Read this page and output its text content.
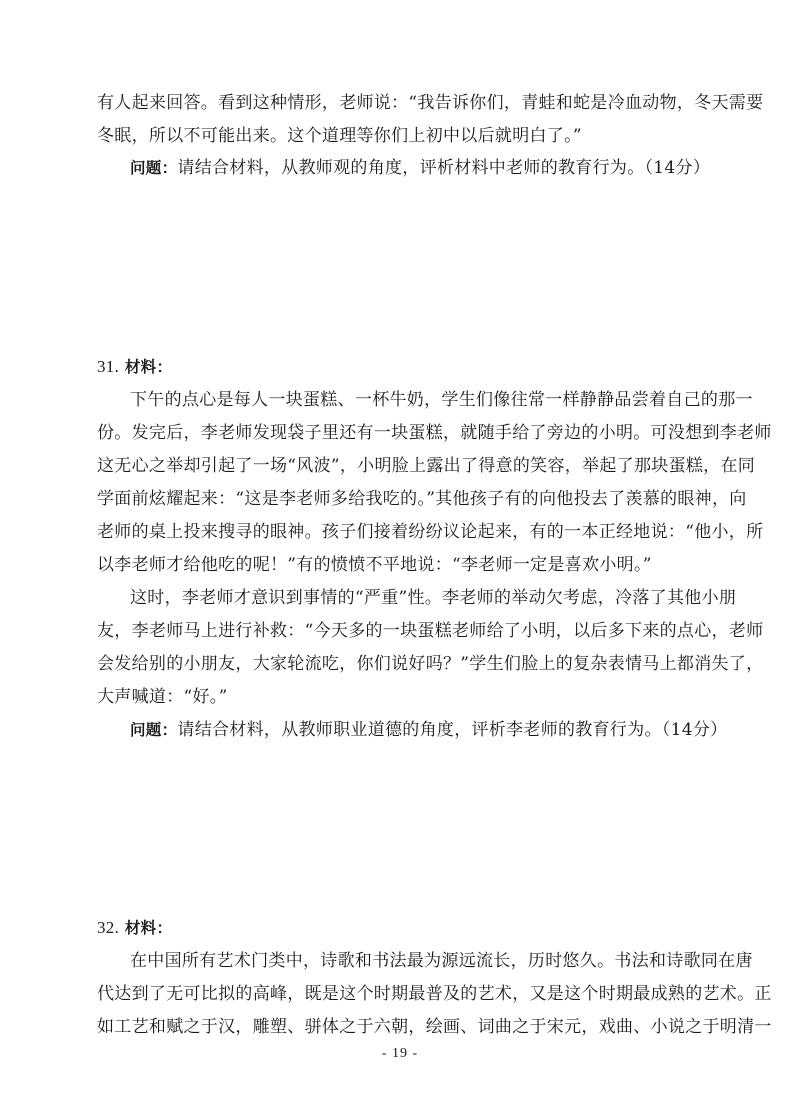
有人起来回答。看到这种情形，老师说：“我告诉你们，青蛙和蛇是冷血动物，冬天需要
冬眠，所以不可能出来。这个道理等你们上初中以后就明白了。”
问题：请结合材料，从教师观的角度，评析材料中老师的教育行为。（14分）
31. 材料：
下午的点心是每人一块蛋糕、一杯牛奶，学生们像往常一样静静品尝着自己的那一
份。发完后，李老师发现袋子里还有一块蛋糕，就随手给了旁边的小明。可没想到李老师
这无心之举却引起了一场“风波”，小明脸上露出了得意的笑容，举起了那块蛋糕，在同
学面前炫耀起来：“这是李老师多给我吃的。”其他孩子有的向他投去了羡慕的眼神，向
老师的桌上投来搜寻的眼神。孩子们接着纷纷议论起来，有的一本正经地说：“他小，所
以李老师才给他吃的呢！”有的愤愤不平地说：“李老师一定是喜欢小明。”
这时，李老师才意识到事情的“严重”性。李老师的举动欠考虑，冷落了其他小朋
友，李老师马上进行补救：“今天多的一块蛋糕老师给了小明，以后多下来的点心，老师
会发给别的小朋友，大家轮流吃，你们说好吗？”学生们脸上的复杂表情马上都消失了，
大声喊道：“好。”
问题：请结合材料，从教师职业道德的角度，评析李老师的教育行为。（14分）
32. 材料：
在中国所有艺术门类中，诗歌和书法最为源远流长，历时悠久。书法和诗歌同在唐
代达到了无可比拟的高峰，既是这个时期最普及的艺术，又是这个时期最成熟的艺术。正
如工艺和赋之于汉，雕塑、骈体之于六朝，绘画、词曲之于宋元，戏曲、小说之于明清一
- 19 -
